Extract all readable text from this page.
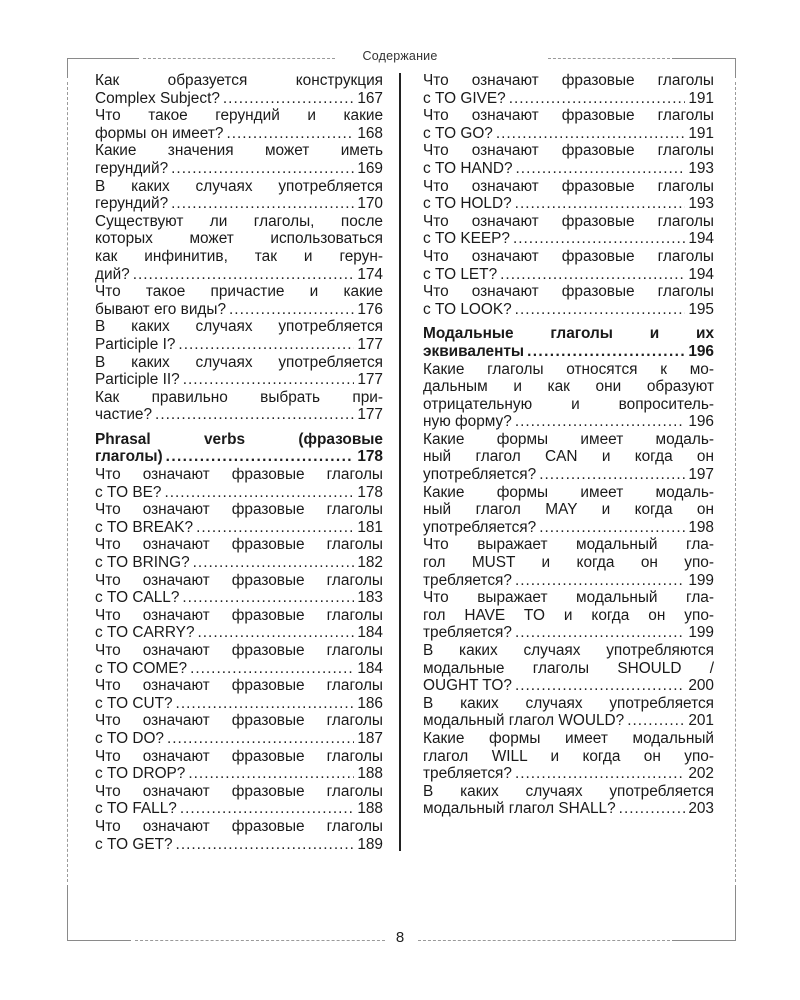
Содержание
Как образуется конструкция
Complex Subject? .....	167
Что такое герундий и какие
формы он имеет? .....	168
Какие значения может иметь
герундий? .....	169
В каких случаях употребляется
герундий? .....	170
Существуют ли глаголы, после
которых может использоваться
как инфинитив, так и герун-
дий? .....	174
Что такое причастие и какие
бывают его виды? .....	176
В каких случаях употребляется
Participle I? .....	177
В каких случаях употребляется
Participle II? .....	177
Как правильно выбрать при-
частие? .....	177
Phrasal verbs (фразовые
глаголы) .....	178
Что означают фразовые глаголы
с TO BE? .....	178
Что означают фразовые глаголы
с TO BREAK? .....	181
Что означают фразовые глаголы
с TO BRING? .....	182
Что означают фразовые глаголы
с TO CALL? .....	183
Что означают фразовые глаголы
с TO CARRY? .....	184
Что означают фразовые глаголы
с TO COME? .....	184
Что означают фразовые глаголы
с TO CUT? .....	186
Что означают фразовые глаголы
с TO DO? .....	187
Что означают фразовые глаголы
с TO DROP? .....	188
Что означают фразовые глаголы
с TO FALL? .....	188
Что означают фразовые глаголы
с TO GET? .....	189
Что означают фразовые глаголы
с TO GIVE? .....	191
Что означают фразовые глаголы
с TO GO? .....	191
Что означают фразовые глаголы
с TO HAND? .....	193
Что означают фразовые глаголы
с TO HOLD? .....	193
Что означают фразовые глаголы
с TO KEEP? .....	194
Что означают фразовые глаголы
с TO LET? .....	194
Что означают фразовые глаголы
с TO LOOK? .....	195
Модальные глаголы и их
эквиваленты .....	196
Какие глаголы относятся к мо-
дальным и как они образуют
отрицательную и вопроситель-
ную форму? .....	196
Какие формы имеет модаль-
ный глагол CAN и когда он
употребляется? .....	197
Какие формы имеет модаль-
ный глагол MAY и когда он
употребляется? .....	198
Что выражает модальный гла-
гол MUST и когда он упо-
требляется? .....	199
Что выражает модальный гла-
гол HAVE TO и когда он упо-
требляется? .....	199
В каких случаях употребляются
модальные глаголы SHOULD /
OUGHT TO? .....	200
В каких случаях употребляется
модальный глагол WOULD? .....	201
Какие формы имеет модальный
глагол WILL и когда он упо-
требляется? .....	202
В каких случаях употребляется
модальный глагол SHALL? .....	203
8
